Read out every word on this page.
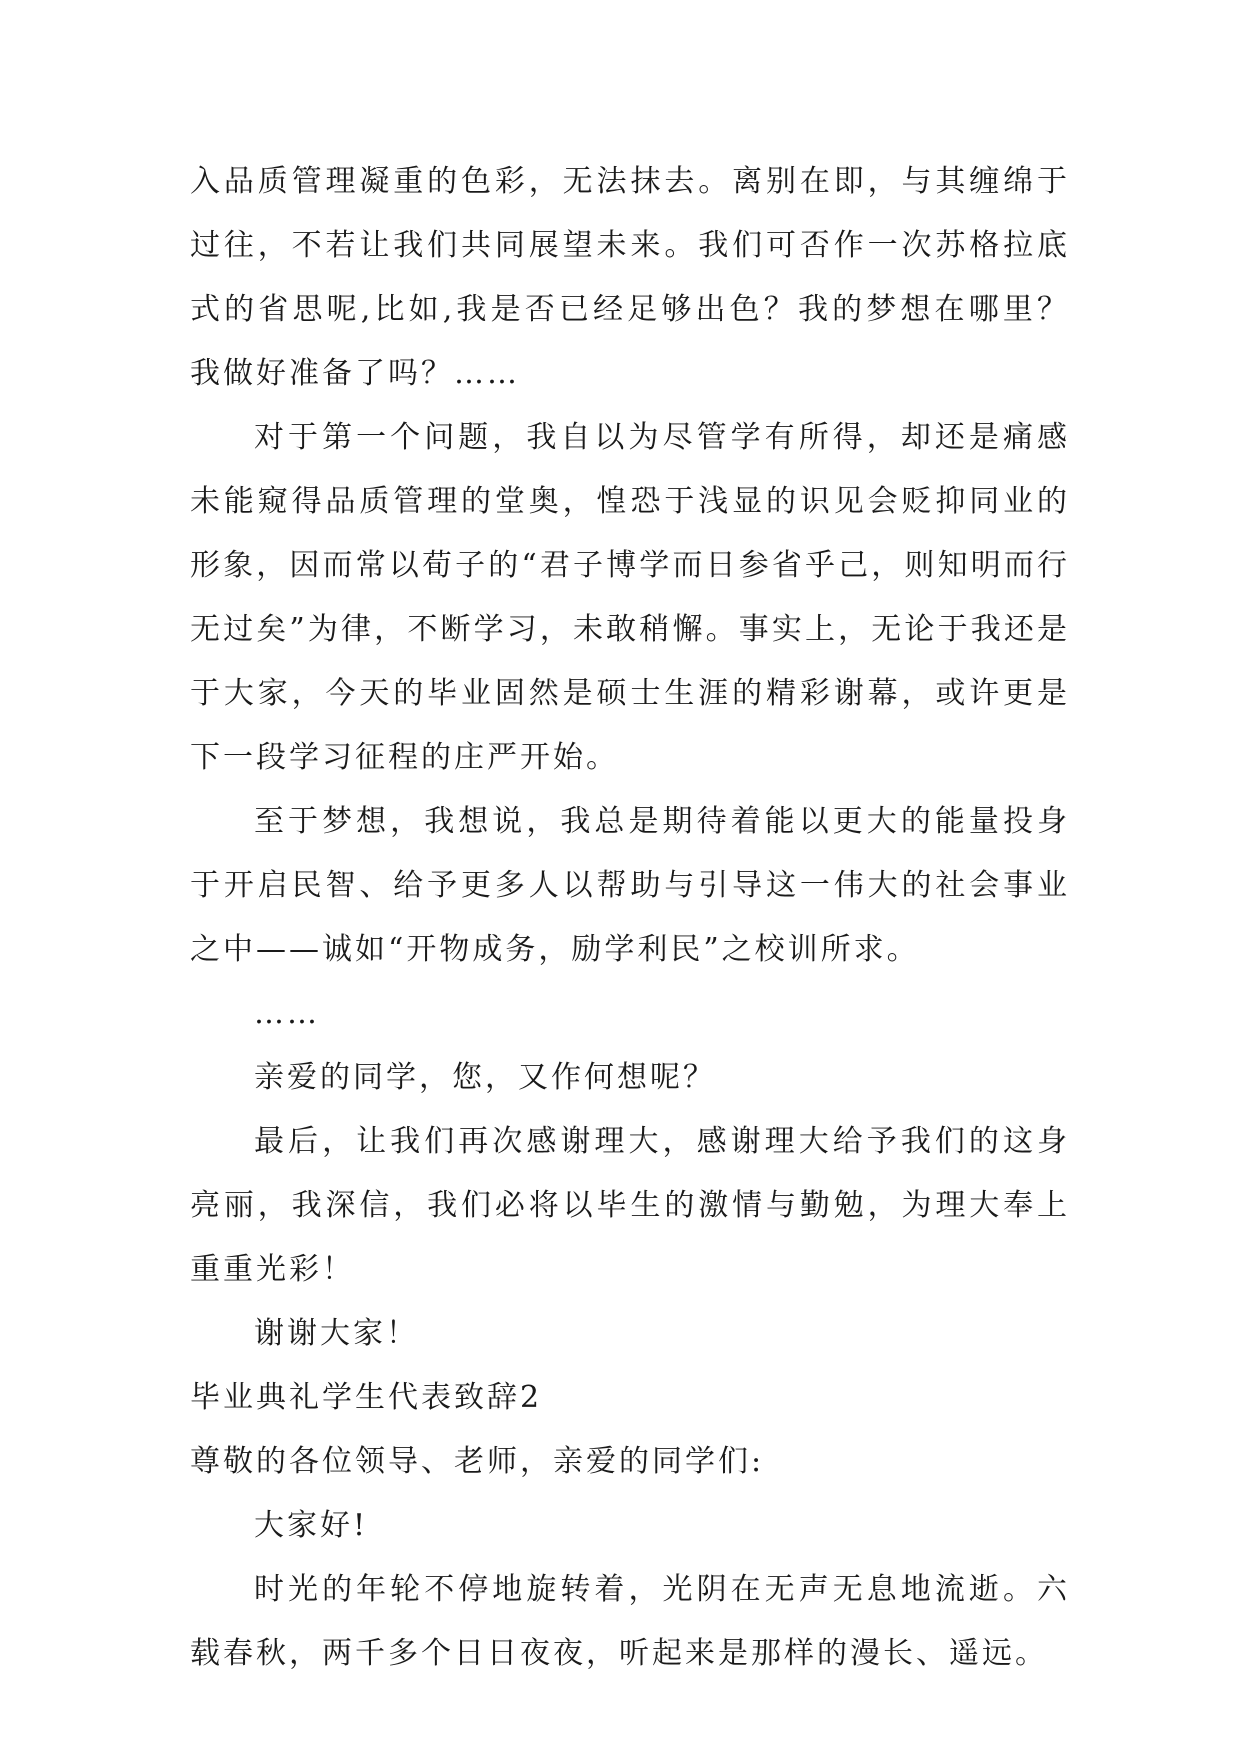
入品质管理凝重的色彩，无法抹去。离别在即，与其缠绵于过往，不若让我们共同展望未来。我们可否作一次苏格拉底式的省思呢,比如,我是否已经足够出色？我的梦想在哪里？我做好准备了吗？……

对于第一个问题，我自以为尽管学有所得，却还是痛感未能窥得品质管理的堂奥，惶恐于浅显的识见会贬抑同业的形象，因而常以荀子的“君子博学而日参省乎己，则知明而行无过矣”为律，不断学习，未敢稍懈。事实上，无论于我还是于大家，今天的毕业固然是硕士生涯的精彩谢幕，或许更是下一段学习征程的庄严开始。

至于梦想，我想说，我总是期待着能以更大的能量投身于开启民智、给予更多人以帮助与引导这一伟大的社会事业之中——诚如“开物成务，励学利民”之校训所求。

……

亲爱的同学，您，又作何想呢？

最后，让我们再次感谢理大，感谢理大给予我们的这身亮丽，我深信，我们必将以毕生的激情与勤勉，为理大奉上重重光彩！

谢谢大家！

毕业典礼学生代表致辞2

尊敬的各位领导、老师，亲爱的同学们:

大家好!

时光的年轮不停地旋转着，光阴在无声无息地流逝。六载春秋，两千多个日日夜夜，听起来是那样的漫长、遥远。
